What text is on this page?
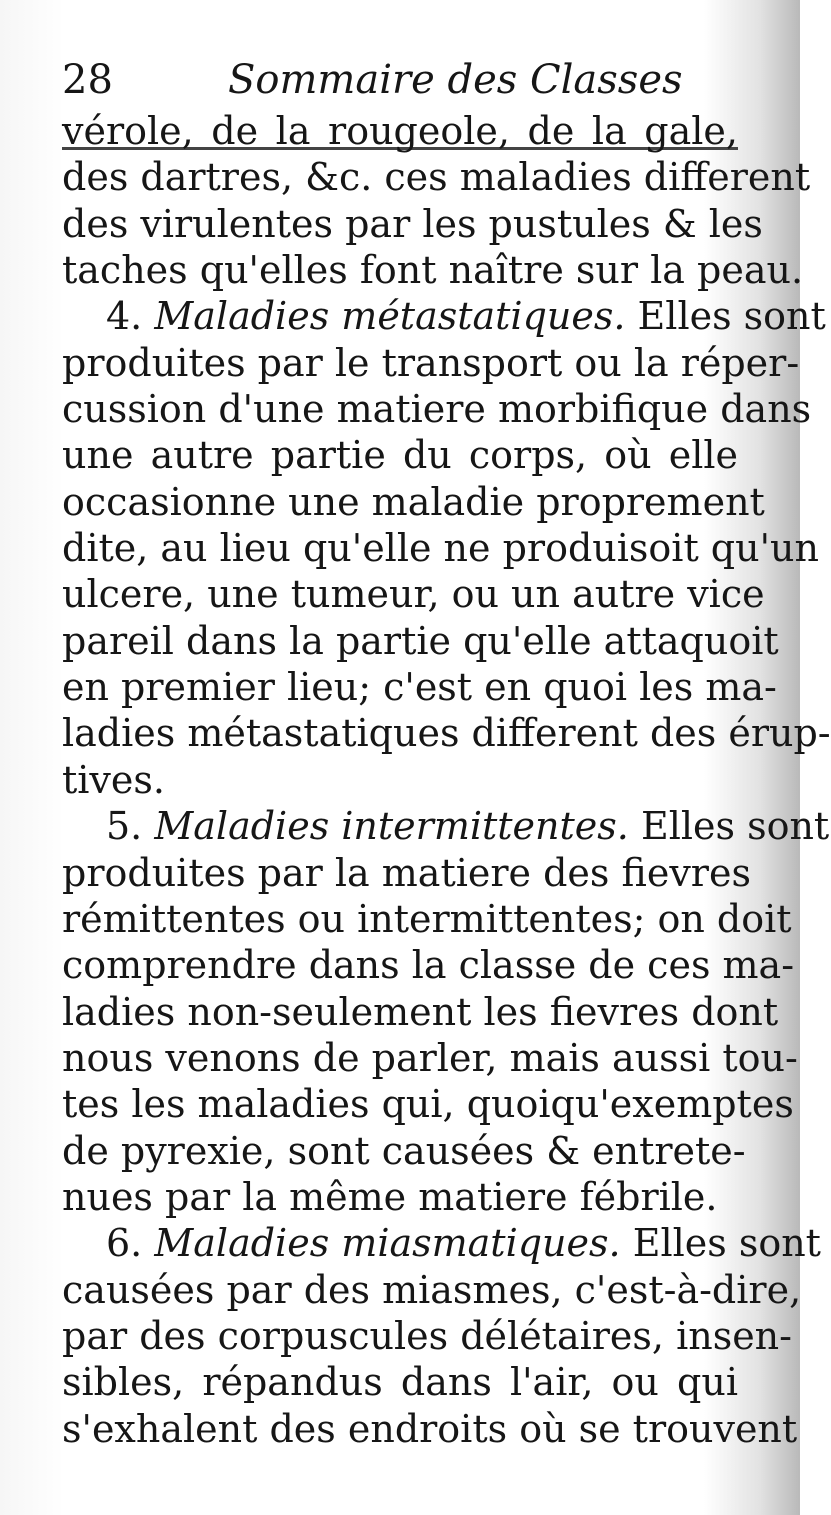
28	Sommaire des Classes
vérole, de la rougeole, de la gale,
des dartres, &c. ces maladies different
des virulentes par les pustules & les
taches qu'elles font naître sur la peau.
4. Maladies métastatiques. Elles sont
produites par le transport ou la réper-
cussion d'une matiere morbifique dans
une autre partie du corps, où elle
occasionne une maladie proprement
dite, au lieu qu'elle ne produisoit qu'un
ulcere, une tumeur, ou un autre vice
pareil dans la partie qu'elle attaquoit
en premier lieu; c'est en quoi les ma-
ladies métastatiques different des érup-
tives.
5. Maladies intermittentes. Elles sont
produites par la matiere des fievres
rémittentes ou intermittentes; on doit
comprendre dans la classe de ces ma-
ladies non-seulement les fievres dont
nous venons de parler, mais aussi tou-
tes les maladies qui, quoiqu'exemptes
de pyrexie, sont causées & entrete-
nues par la même matiere fébrile.
6. Maladies miasmatiques. Elles sont
causées par des miasmes, c'est-à-dire,
par des corpuscules délétaires, insen-
sibles, répandus dans l'air, ou qui
s'exhalent des endroits où se trouvent
